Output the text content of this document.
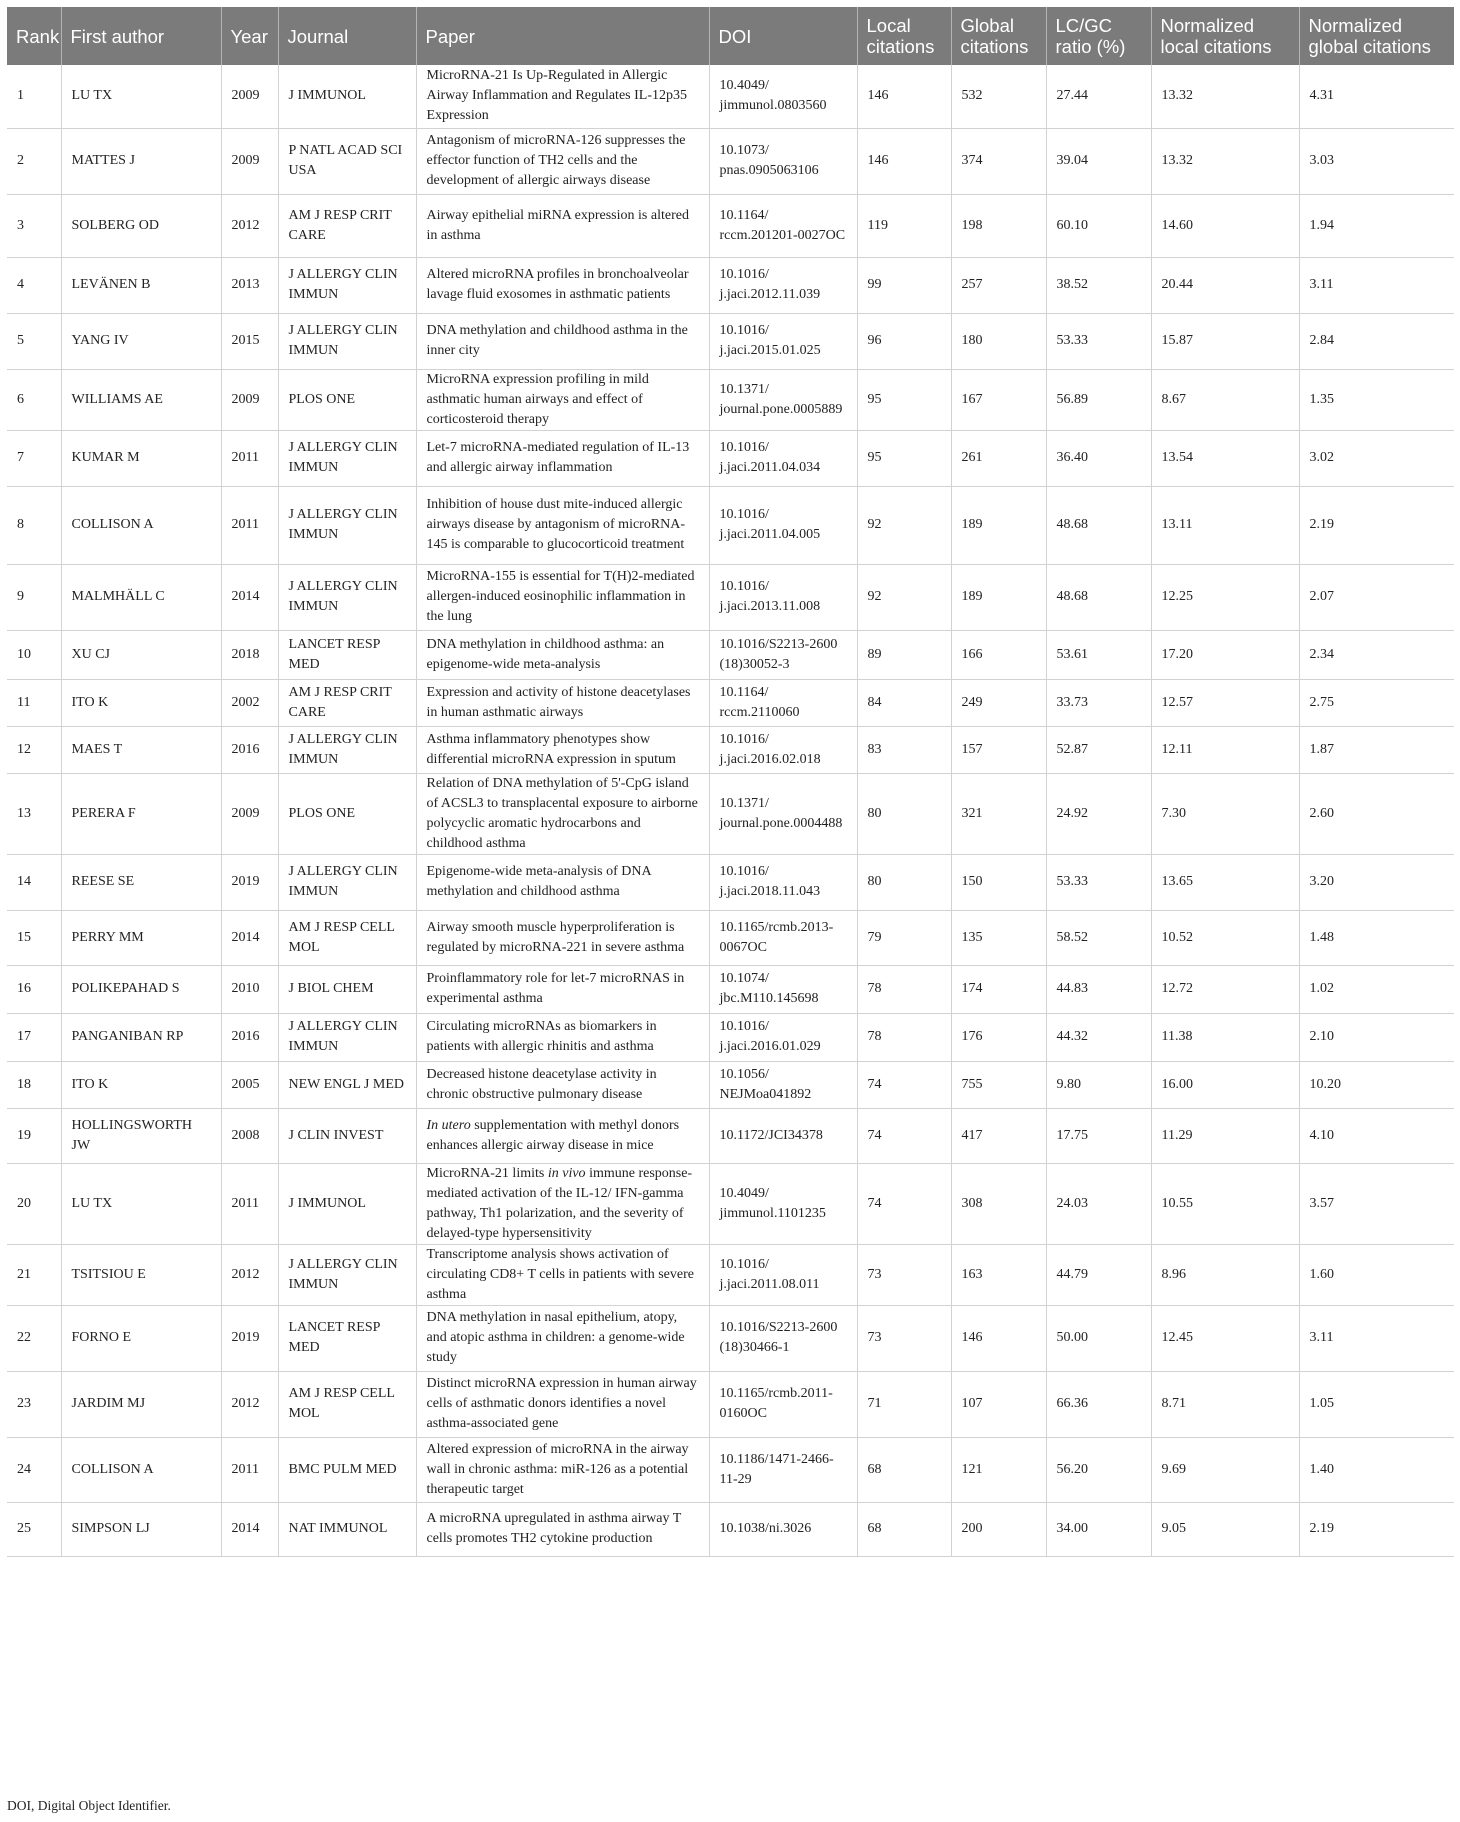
Rank	First author	Year	Journal	Paper	DOI	Local citations	Global citations	LC/GC ratio (%)	Normalized local citations	Normalized global citations
1	LU TX	2009	J IMMUNOL	MicroRNA-21 Is Up-Regulated in Allergic Airway Inflammation and Regulates IL-12p35 Expression	10.4049/ jimmunol.0803560	146	532	27.44	13.32	4.31
2	MATTES J	2009	P NATL ACAD SCI USA	Antagonism of microRNA-126 suppresses the effector function of TH2 cells and the development of allergic airways disease	10.1073/ pnas.0905063106	146	374	39.04	13.32	3.03
3	SOLBERG OD	2012	AM J RESP CRIT CARE	Airway epithelial miRNA expression is altered in asthma	10.1164/ rccm.201201-0027OC	119	198	60.10	14.60	1.94
4	LEVÄNEN B	2013	J ALLERGY CLIN IMMUN	Altered microRNA profiles in bronchoalveolar lavage fluid exosomes in asthmatic patients	10.1016/ j.jaci.2012.11.039	99	257	38.52	20.44	3.11
5	YANG IV	2015	J ALLERGY CLIN IMMUN	DNA methylation and childhood asthma in the inner city	10.1016/ j.jaci.2015.01.025	96	180	53.33	15.87	2.84
6	WILLIAMS AE	2009	PLOS ONE	MicroRNA expression profiling in mild asthmatic human airways and effect of corticosteroid therapy	10.1371/ journal.pone.0005889	95	167	56.89	8.67	1.35
7	KUMAR M	2011	J ALLERGY CLIN IMMUN	Let-7 microRNA-mediated regulation of IL-13 and allergic airway inflammation	10.1016/ j.jaci.2011.04.034	95	261	36.40	13.54	3.02
8	COLLISON A	2011	J ALLERGY CLIN IMMUN	Inhibition of house dust mite-induced allergic airways disease by antagonism of microRNA-145 is comparable to glucocorticoid treatment	10.1016/ j.jaci.2011.04.005	92	189	48.68	13.11	2.19
9	MALMHÄLL C	2014	J ALLERGY CLIN IMMUN	MicroRNA-155 is essential for T(H)2-mediated allergen-induced eosinophilic inflammation in the lung	10.1016/ j.jaci.2013.11.008	92	189	48.68	12.25	2.07
10	XU CJ	2018	LANCET RESP MED	DNA methylation in childhood asthma: an epigenome-wide meta-analysis	10.1016/S2213-2600 (18)30052-3	89	166	53.61	17.20	2.34
11	ITO K	2002	AM J RESP CRIT CARE	Expression and activity of histone deacetylases in human asthmatic airways	10.1164/ rccm.2110060	84	249	33.73	12.57	2.75
12	MAES T	2016	J ALLERGY CLIN IMMUN	Asthma inflammatory phenotypes show differential microRNA expression in sputum	10.1016/ j.jaci.2016.02.018	83	157	52.87	12.11	1.87
13	PERERA F	2009	PLOS ONE	Relation of DNA methylation of 5'-CpG island of ACSL3 to transplacental exposure to airborne polycyclic aromatic hydrocarbons and childhood asthma	10.1371/ journal.pone.0004488	80	321	24.92	7.30	2.60
14	REESE SE	2019	J ALLERGY CLIN IMMUN	Epigenome-wide meta-analysis of DNA methylation and childhood asthma	10.1016/ j.jaci.2018.11.043	80	150	53.33	13.65	3.20
15	PERRY MM	2014	AM J RESP CELL MOL	Airway smooth muscle hyperproliferation is regulated by microRNA-221 in severe asthma	10.1165/rcmb.2013-0067OC	79	135	58.52	10.52	1.48
16	POLIKEPAHAD S	2010	J BIOL CHEM	Proinflammatory role for let-7 microRNAS in experimental asthma	10.1074/ jbc.M110.145698	78	174	44.83	12.72	1.02
17	PANGANIBAN RP	2016	J ALLERGY CLIN IMMUN	Circulating microRNAs as biomarkers in patients with allergic rhinitis and asthma	10.1016/ j.jaci.2016.01.029	78	176	44.32	11.38	2.10
18	ITO K	2005	NEW ENGL J MED	Decreased histone deacetylase activity in chronic obstructive pulmonary disease	10.1056/ NEJMoa041892	74	755	9.80	16.00	10.20
19	HOLLINGSWORTH JW	2008	J CLIN INVEST	In utero supplementation with methyl donors enhances allergic airway disease in mice	10.1172/JCI34378	74	417	17.75	11.29	4.10
20	LU TX	2011	J IMMUNOL	MicroRNA-21 limits in vivo immune response-mediated activation of the IL-12/ IFN-gamma pathway, Th1 polarization, and the severity of delayed-type hypersensitivity	10.4049/ jimmunol.1101235	74	308	24.03	10.55	3.57
21	TSITSIOU E	2012	J ALLERGY CLIN IMMUN	Transcriptome analysis shows activation of circulating CD8+ T cells in patients with severe asthma	10.1016/ j.jaci.2011.08.011	73	163	44.79	8.96	1.60
22	FORNO E	2019	LANCET RESP MED	DNA methylation in nasal epithelium, atopy, and atopic asthma in children: a genome-wide study	10.1016/S2213-2600 (18)30466-1	73	146	50.00	12.45	3.11
23	JARDIM MJ	2012	AM J RESP CELL MOL	Distinct microRNA expression in human airway cells of asthmatic donors identifies a novel asthma-associated gene	10.1165/rcmb.2011-0160OC	71	107	66.36	8.71	1.05
24	COLLISON A	2011	BMC PULM MED	Altered expression of microRNA in the airway wall in chronic asthma: miR-126 as a potential therapeutic target	10.1186/1471-2466-11-29	68	121	56.20	9.69	1.40
25	SIMPSON LJ	2014	NAT IMMUNOL	A microRNA upregulated in asthma airway T cells promotes TH2 cytokine production	10.1038/ni.3026	68	200	34.00	9.05	2.19

DOI, Digital Object Identifier.
